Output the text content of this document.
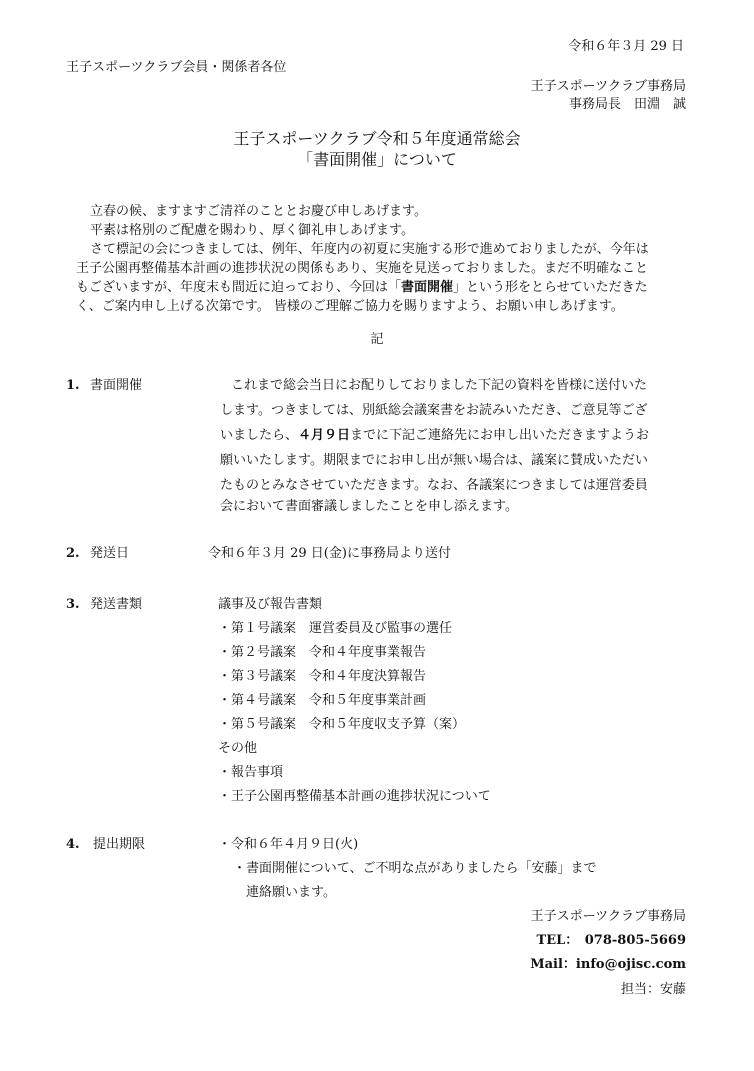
令和６年３月 29 日
王子スポーツクラブ会員・関係者各位
王子スポーツクラブ事務局
事務局長　田淵　誠
王子スポーツクラブ令和５年度通常総会
「書面開催」について
立春の候、ますますご清祥のこととお慶び申しあげます。
平素は格別のご配慮を賜わり、厚く御礼申しあげます。
さて標記の会につきましては、例年、年度内の初夏に実施する形で進めておりましたが、今年は
王子公園再整備基本計画の進捗状況の関係もあり、実施を見送っておりました。まだ不明確なこと
もございますが、年度末も間近に迫っており、今回は「書面開催」という形をとらせていただきた
く、ご案内申し上げる次第です。 皆様のご理解ご協力を賜りますよう、お願い申しあげます。
記
1. 書面開催	これまで総会当日にお配りしておりました下記の資料を皆様に送付いた
します。つきましては、別紙総会議案書をお読みいただき、ご意見等ござ
いましたら、４月９日までに下記ご連絡先にお申し出いただきますようお
願いいたします。期限までにお申し出が無い場合は、議案に賛成いただい
たものとみなさせていただきます。なお、各議案につきましては運営委員
会において書面審議しましたことを申し添えます。
2. 発送日	令和６年３月 29 日(金)に事務局より送付
3. 発送書類	議事及び報告書類
・第１号議案　運営委員及び監事の選任
・第２号議案　令和４年度事業報告
・第３号議案　令和４年度決算報告
・第４号議案　令和５年度事業計画
・第５号議案　令和５年度収支予算（案）
その他
・報告事項
・王子公園再整備基本計画の進捗状況について
4. 提出期限	・令和６年４月９日(火)
・書面開催について、ご不明な点がありましたら「安藤」まで
連絡願います。
王子スポーツクラブ事務局
TEL：　078-805-5669
Mail：info@ojisc.com
担当：安藤
